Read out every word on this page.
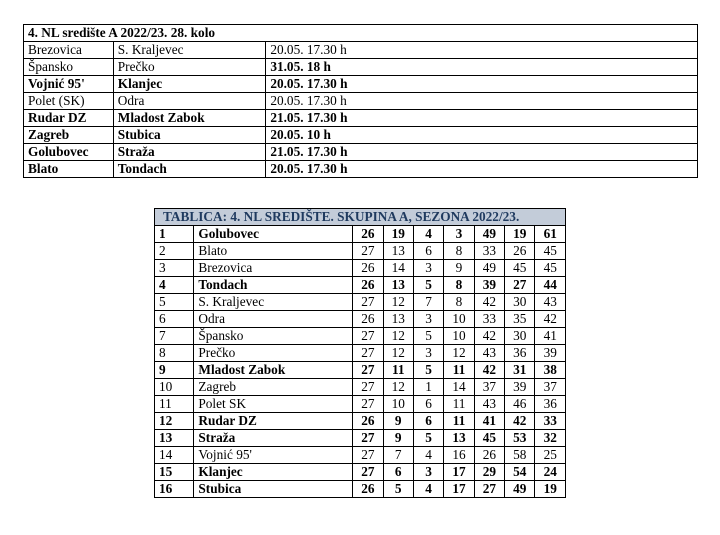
4. NL središte A 2022/23. 28. kolo		
Brezovica	S. Kraljevec	20.05. 17.30 h
Špansko	Prečko	31.05. 18 h
Vojnić 95'	Klanjec	20.05. 17.30 h
Polet (SK)	Odra	20.05. 17.30 h
Rudar DZ	Mladost Zabok	21.05. 17.30 h
Zagreb	Stubica	20.05. 10 h
Golubovec	Straža	21.05. 17.30 h
Blato	Tondach	20.05. 17.30 h
TABLICA: 4. NL SREDIŠTE. SKUPINA A, SEZONA 2022/23.								
1	Golubovec	26	19	4	3	49	19	61
2	Blato	27	13	6	8	33	26	45
3	Brezovica	26	14	3	9	49	45	45
4	Tondach	26	13	5	8	39	27	44
5	S. Kraljevec	27	12	7	8	42	30	43
6	Odra	26	13	3	10	33	35	42
7	Špansko	27	12	5	10	42	30	41
8	Prečko	27	12	3	12	43	36	39
9	Mladost Zabok	27	11	5	11	42	31	38
10	Zagreb	27	12	1	14	37	39	37
11	Polet SK	27	10	6	11	43	46	36
12	Rudar DZ	26	9	6	11	41	42	33
13	Straža	27	9	5	13	45	53	32
14	Vojnić 95'	27	7	4	16	26	58	25
15	Klanjec	27	6	3	17	29	54	24
16	Stubica	26	5	4	17	27	49	19
